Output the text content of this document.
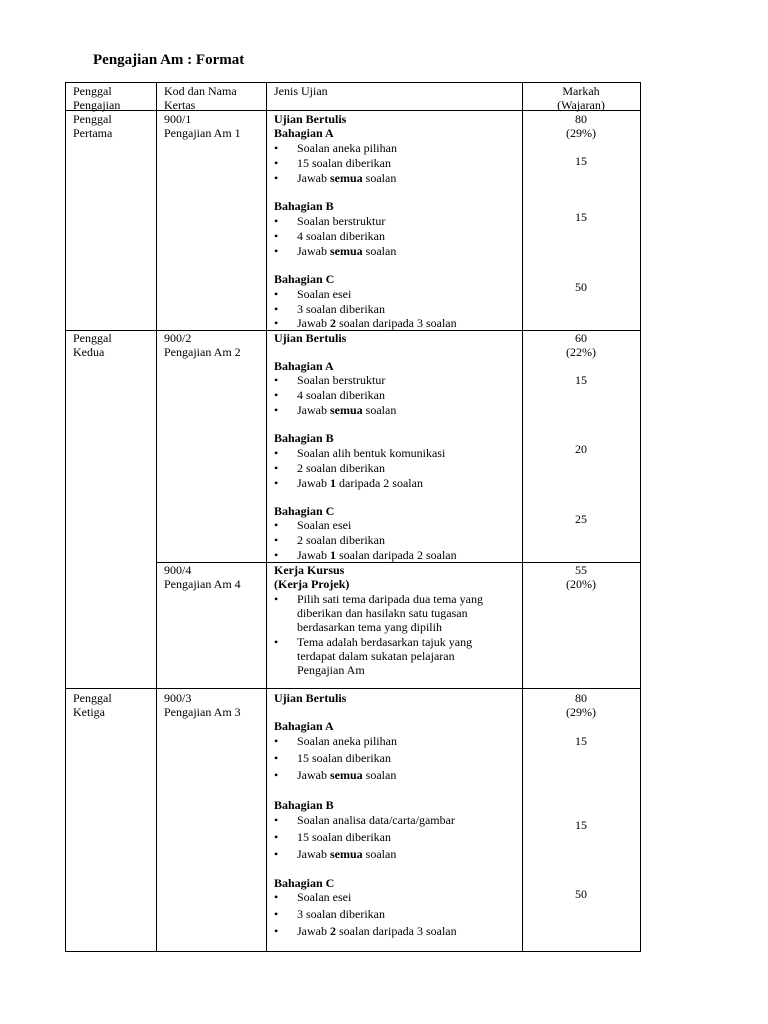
Pengajian Am : Format
Penggal
Pengajian
Kod dan Nama
Kertas
Jenis Ujian	Markah
(Wajaran)
Penggal
Pertama
900/1
Pengajian Am 1
Ujian Bertulis
Bahagian A
• Soalan aneka pilihan
• 15 soalan diberikan
• Jawab semua soalan
Bahagian B
• Soalan berstruktur
• 4 soalan diberikan
• Jawab semua soalan
Bahagian C
• Soalan esei
• 3 soalan diberikan
• Jawab 2 soalan daripada 3 soalan
80
(29%)
15
15
50
Penggal
Kedua
900/2
Pengajian Am 2
Ujian Bertulis
Bahagian A
• Soalan berstruktur
• 4 soalan diberikan
• Jawab semua soalan
Bahagian B
• Soalan alih bentuk komunikasi
• 2 soalan diberikan
• Jawab 1 daripada 2 soalan
Bahagian C
• Soalan esei
• 2 soalan diberikan
• Jawab 1 soalan daripada 2 soalan
60
(22%)
15
20
25
900/4
Pengajian Am 4
Kerja Kursus
(Kerja Projek)
• Pilih sati tema daripada dua tema yang
diberikan dan hasilakn satu tugasan
berdasarkan tema yang dipilih
• Tema adalah berdasarkan tajuk yang
terdapat dalam sukatan pelajaran
Pengajian Am
55
(20%)
Penggal
Ketiga
900/3
Pengajian Am 3
Ujian Bertulis
Bahagian A
• Soalan aneka pilihan
• 15 soalan diberikan
• Jawab semua soalan
Bahagian B
• Soalan analisa data/carta/gambar
• 15 soalan diberikan
• Jawab semua soalan
Bahagian C
• Soalan esei
• 3 soalan diberikan
• Jawab 2 soalan daripada 3 soalan
80
(29%)
15
15
50
